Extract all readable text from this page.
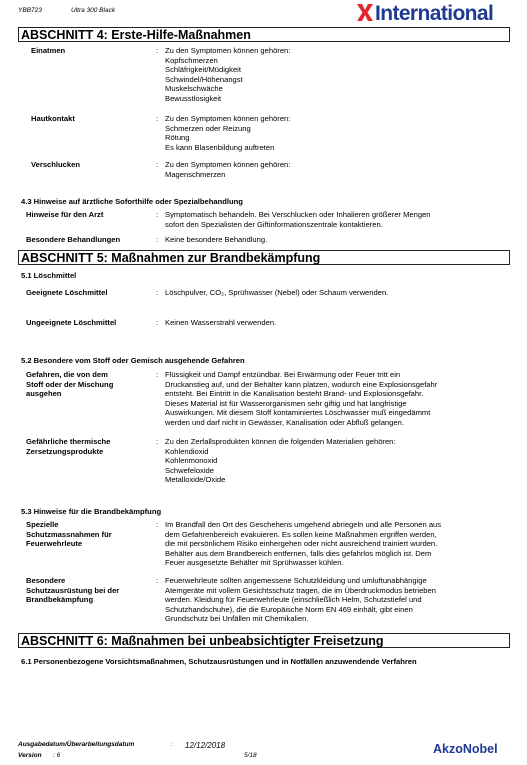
YBB723	Ultra 300 Black	International
ABSCHNITT 4: Erste-Hilfe-Maßnahmen
Einatmen	: Zu den Symptomen können gehören:
Kopfschmerzen
Schläfrigkeit/Müdigkeit
Schwindel/Höhenangst
Muskelschwäche
Bewusstlosigkeit
Hautkontakt	: Zu den Symptomen können gehören:
Schmerzen oder Reizung
Rötung
Es kann Blasenbildung auftreten
Verschlucken	: Zu den Symptomen können gehören:
Magenschmerzen
4.3 Hinweise auf ärztliche Soforthilfe oder Spezialbehandlung
Hinweise für den Arzt	: Symptomatisch behandeln. Bei Verschlucken oder Inhalieren größerer Mengen
sofort den Spezialisten der Giftinformationszentrale kontaktieren.
Besondere Behandlungen	: Keine besondere Behandlung.
ABSCHNITT 5: Maßnahmen zur Brandbekämpfung
5.1 Löschmittel
Geeignete Löschmittel	: Löschpulver, CO₂, Sprühwasser (Nebel) oder Schaum verwenden.
Ungeeignete Löschmittel	: Keinen Wasserstrahl verwenden.
5.2 Besondere vom Stoff oder Gemisch ausgehende Gefahren
Gefahren, die von dem
Stoff oder der Mischung
ausgehen
: Flüssigkeit und Dampf entzündbar. Bei Erwärmung oder Feuer tritt ein
Druckanstieg auf, und der Behälter kann platzen, wodurch eine Explosionsgefahr
entsteht. Bei Eintritt in die Kanalisation besteht Brand- und Explosionsgefahr.
Dieses Material ist für Wasserorganismen sehr giftig und hat langfristige
Auswirkungen. Mit diesem Stoff kontaminiertes Löschwasser muß eingedämmt
werden und darf nicht in Gewässer, Kanalisation oder Abfluß gelangen.
Gefährliche thermische
Zersetzungsprodukte
: Zu den Zerfallsprodukten können die folgenden Materialien gehören:
Kohlendioxid
Kohlenmonoxid
Schwefeloxide
Metalloxide/Oxide
5.3 Hinweise für die Brandbekämpfung
Spezielle
Schutzmassnahmen für
Feuerwehrleute
: Im Brandfall den Ort des Geschehens umgehend abriegeln und alle Personen aus
dem Gefahrenbereich evakuieren. Es sollen keine Maßnahmen ergriffen werden,
die mit persönlichem Risiko einhergehen oder nicht ausreichend trainiert wurden.
Behälter aus dem Brandbereich entfernen, falls dies gefahrlos möglich ist. Dem
Feuer ausgesetzte Behälter mit Sprühwasser kühlen.
Besondere
Schutzausrüstung bei der
Brandbekämpfung
: Feuerwehrleute sollten angemessene Schutzkleidung und umluftunabhängige
Atemgeräte mit vollem Gesichtsschutz tragen, die im Überdruckmodus betrieben
werden. Kleidung für Feuerwehrleute (einschließlich Helm, Schutzstiefel und
Schutzhandschuhe), die die Europäische Norm EN 469 einhält, gibt einen
Grundschutz bei Unfällen mit Chemikalien.
ABSCHNITT 6: Maßnahmen bei unbeabsichtigter Freisetzung
6.1 Personenbezogene Vorsichtsmaßnahmen, Schutzausrüstungen und in Notfällen anzuwendende Verfahren
Ausgabedatum/Überarbeitungsdatum	: 12/12/2018
Version : 6	5/18	AkzoNobel
